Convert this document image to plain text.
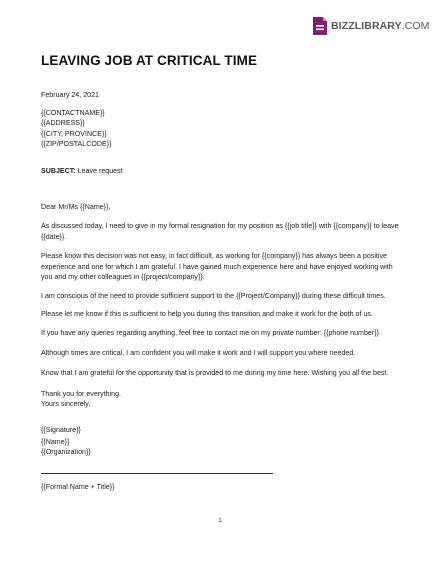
BIZZLIBRARY.COM
LEAVING JOB AT CRITICAL TIME
February 24, 2021

{{CONTACTNAME}}

{{ADDRESS}}

{{CITY, PROVINCE}}

{{ZIP/POSTALCODE}}

SUBJECT: Leave request

Dear Mr/Ms {{Name}},

As discussed today, I need to give in my formal resignation for my position as {{job title}} with {{company}} to leave {{date}}.

Please know this decision was not easy, in fact difficult, as working for {{company}} has always been a positive experience and one for which I am grateful. I have gained much experience here and have enjoyed working with you and my other colleagues in {{project/company}}.

I am conscious of the need to provide sufficient support to the {{Project/Company}} during these difficult times.

Please let me know if this is sufficient to help you during this transition and make it work for the both of us.

If you have any queries regarding anything, feel free to contact me on my private number: {{phone number}}.

Although times are critical, I am confident you will make it work and I will support you where needed.

Know that I am grateful for the opportunity that is provided to me during my time here. Wishing you all the best.

Thank you for everything.

Yours sincerely,

{{Signature}}

{{Name}}

{{Organization}}

{{Formal Name + Title}}

1
